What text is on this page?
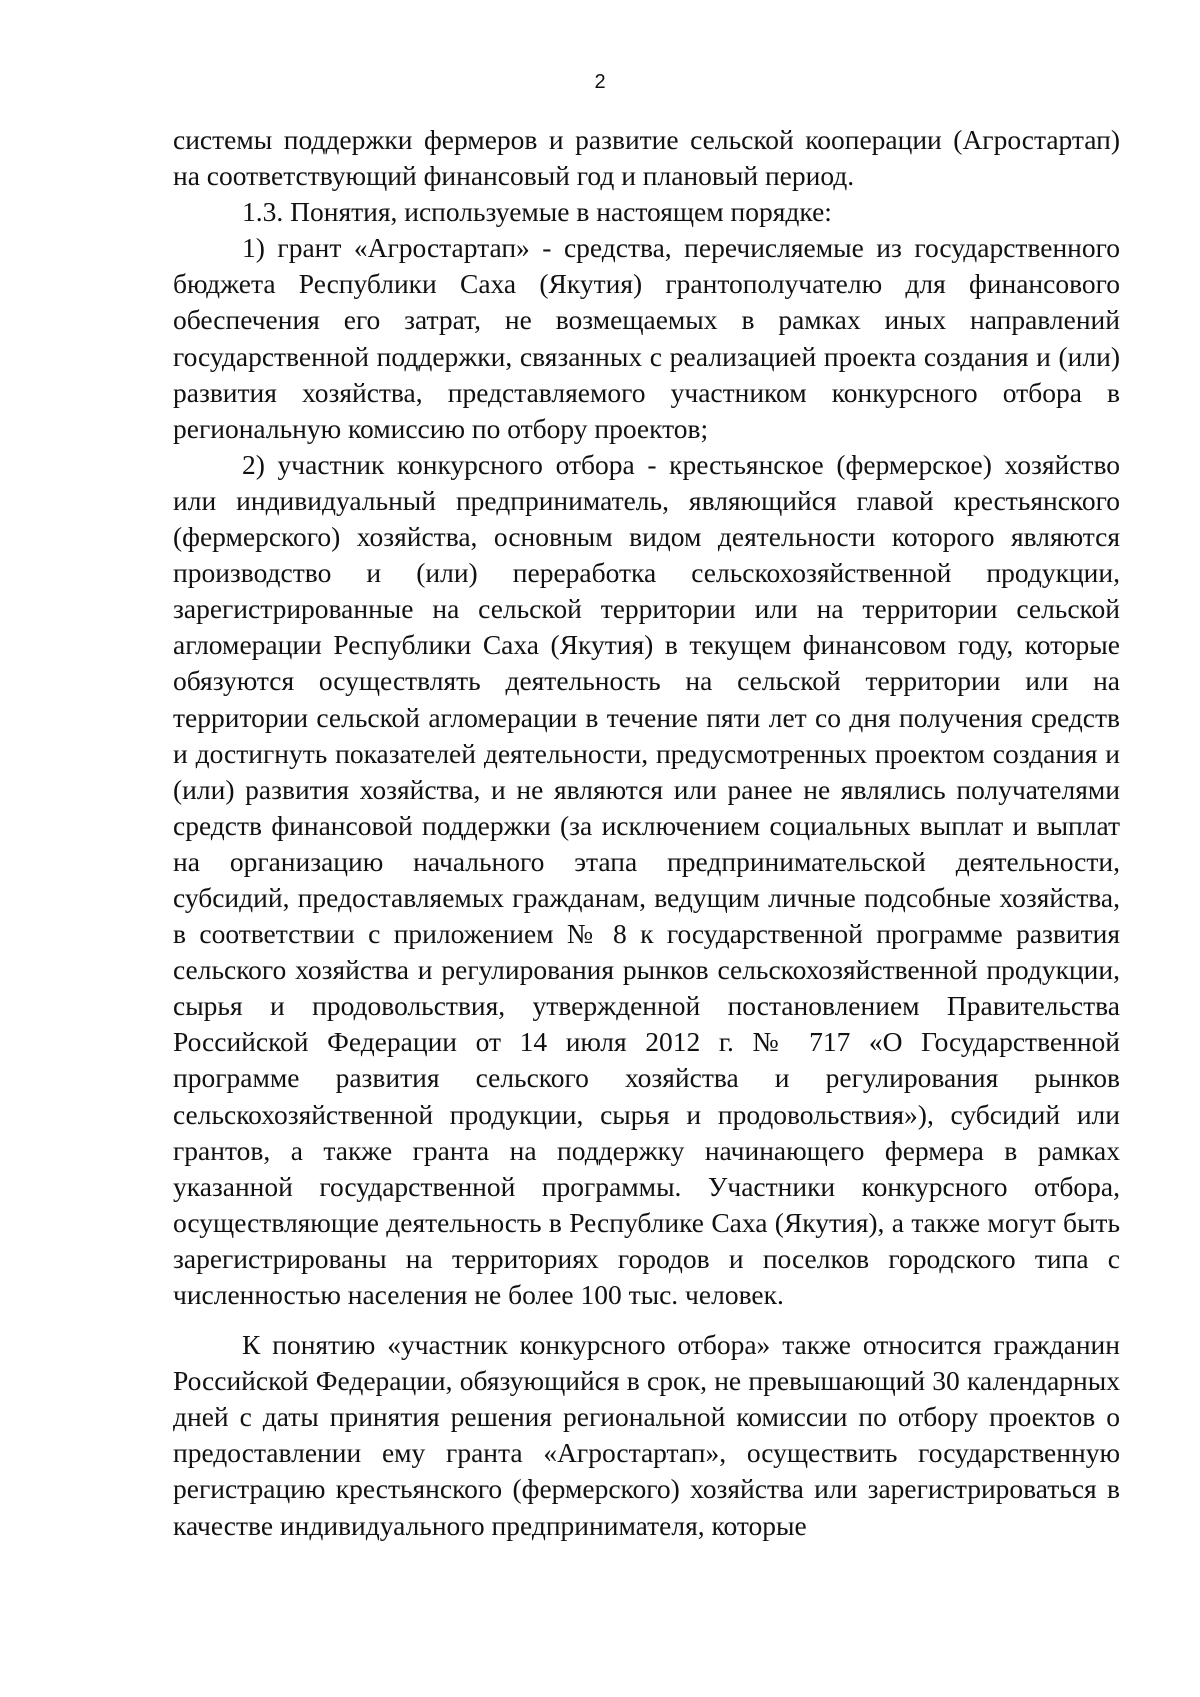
2

системы поддержки фермеров и развитие сельской кооперации (Агростартап) на соответствующий финансовый год и плановый период.

1.3. Понятия, используемые в настоящем порядке:

1) грант «Агростартап» - средства, перечисляемые из государственного бюджета Республики Саха (Якутия) грантополучателю для финансового обеспечения его затрат, не возмещаемых в рамках иных направлений государственной поддержки, связанных с реализацией проекта создания и (или) развития хозяйства, представляемого участником конкурсного отбора в региональную комиссию по отбору проектов;

2) участник конкурсного отбора - крестьянское (фермерское) хозяйство или индивидуальный предприниматель, являющийся главой крестьянского (фермерского) хозяйства, основным видом деятельности которого являются производство и (или) переработка сельскохозяйственной продукции, зарегистрированные на сельской территории или на территории сельской агломерации Республики Саха (Якутия) в текущем финансовом году, которые обязуются осуществлять деятельность на сельской территории или на территории сельской агломерации в течение пяти лет со дня получения средств и достигнуть показателей деятельности, предусмотренных проектом создания и (или) развития хозяйства, и не являются или ранее не являлись получателями средств финансовой поддержки (за исключением социальных выплат и выплат на организацию начального этапа предпринимательской деятельности, субсидий, предоставляемых гражданам, ведущим личные подсобные хозяйства, в соответствии с приложением № 8 к государственной программе развития сельского хозяйства и регулирования рынков сельскохозяйственной продукции, сырья и продовольствия, утвержденной постановлением Правительства Российской Федерации от 14 июля 2012 г. № 717 «О Государственной программе развития сельского хозяйства и регулирования рынков сельскохозяйственной продукции, сырья и продовольствия»), субсидий или грантов, а также гранта на поддержку начинающего фермера в рамках указанной государственной программы. Участники конкурсного отбора, осуществляющие деятельность в Республике Саха (Якутия), а также могут быть зарегистрированы на территориях городов и поселков городского типа с численностью населения не более 100 тыс. человек.

К понятию «участник конкурсного отбора» также относится гражданин Российской Федерации, обязующийся в срок, не превышающий 30 календарных дней с даты принятия решения региональной комиссии по отбору проектов о предоставлении ему гранта «Агростартап», осуществить государственную регистрацию крестьянского (фермерского) хозяйства или зарегистрироваться в качестве индивидуального предпринимателя, которые
